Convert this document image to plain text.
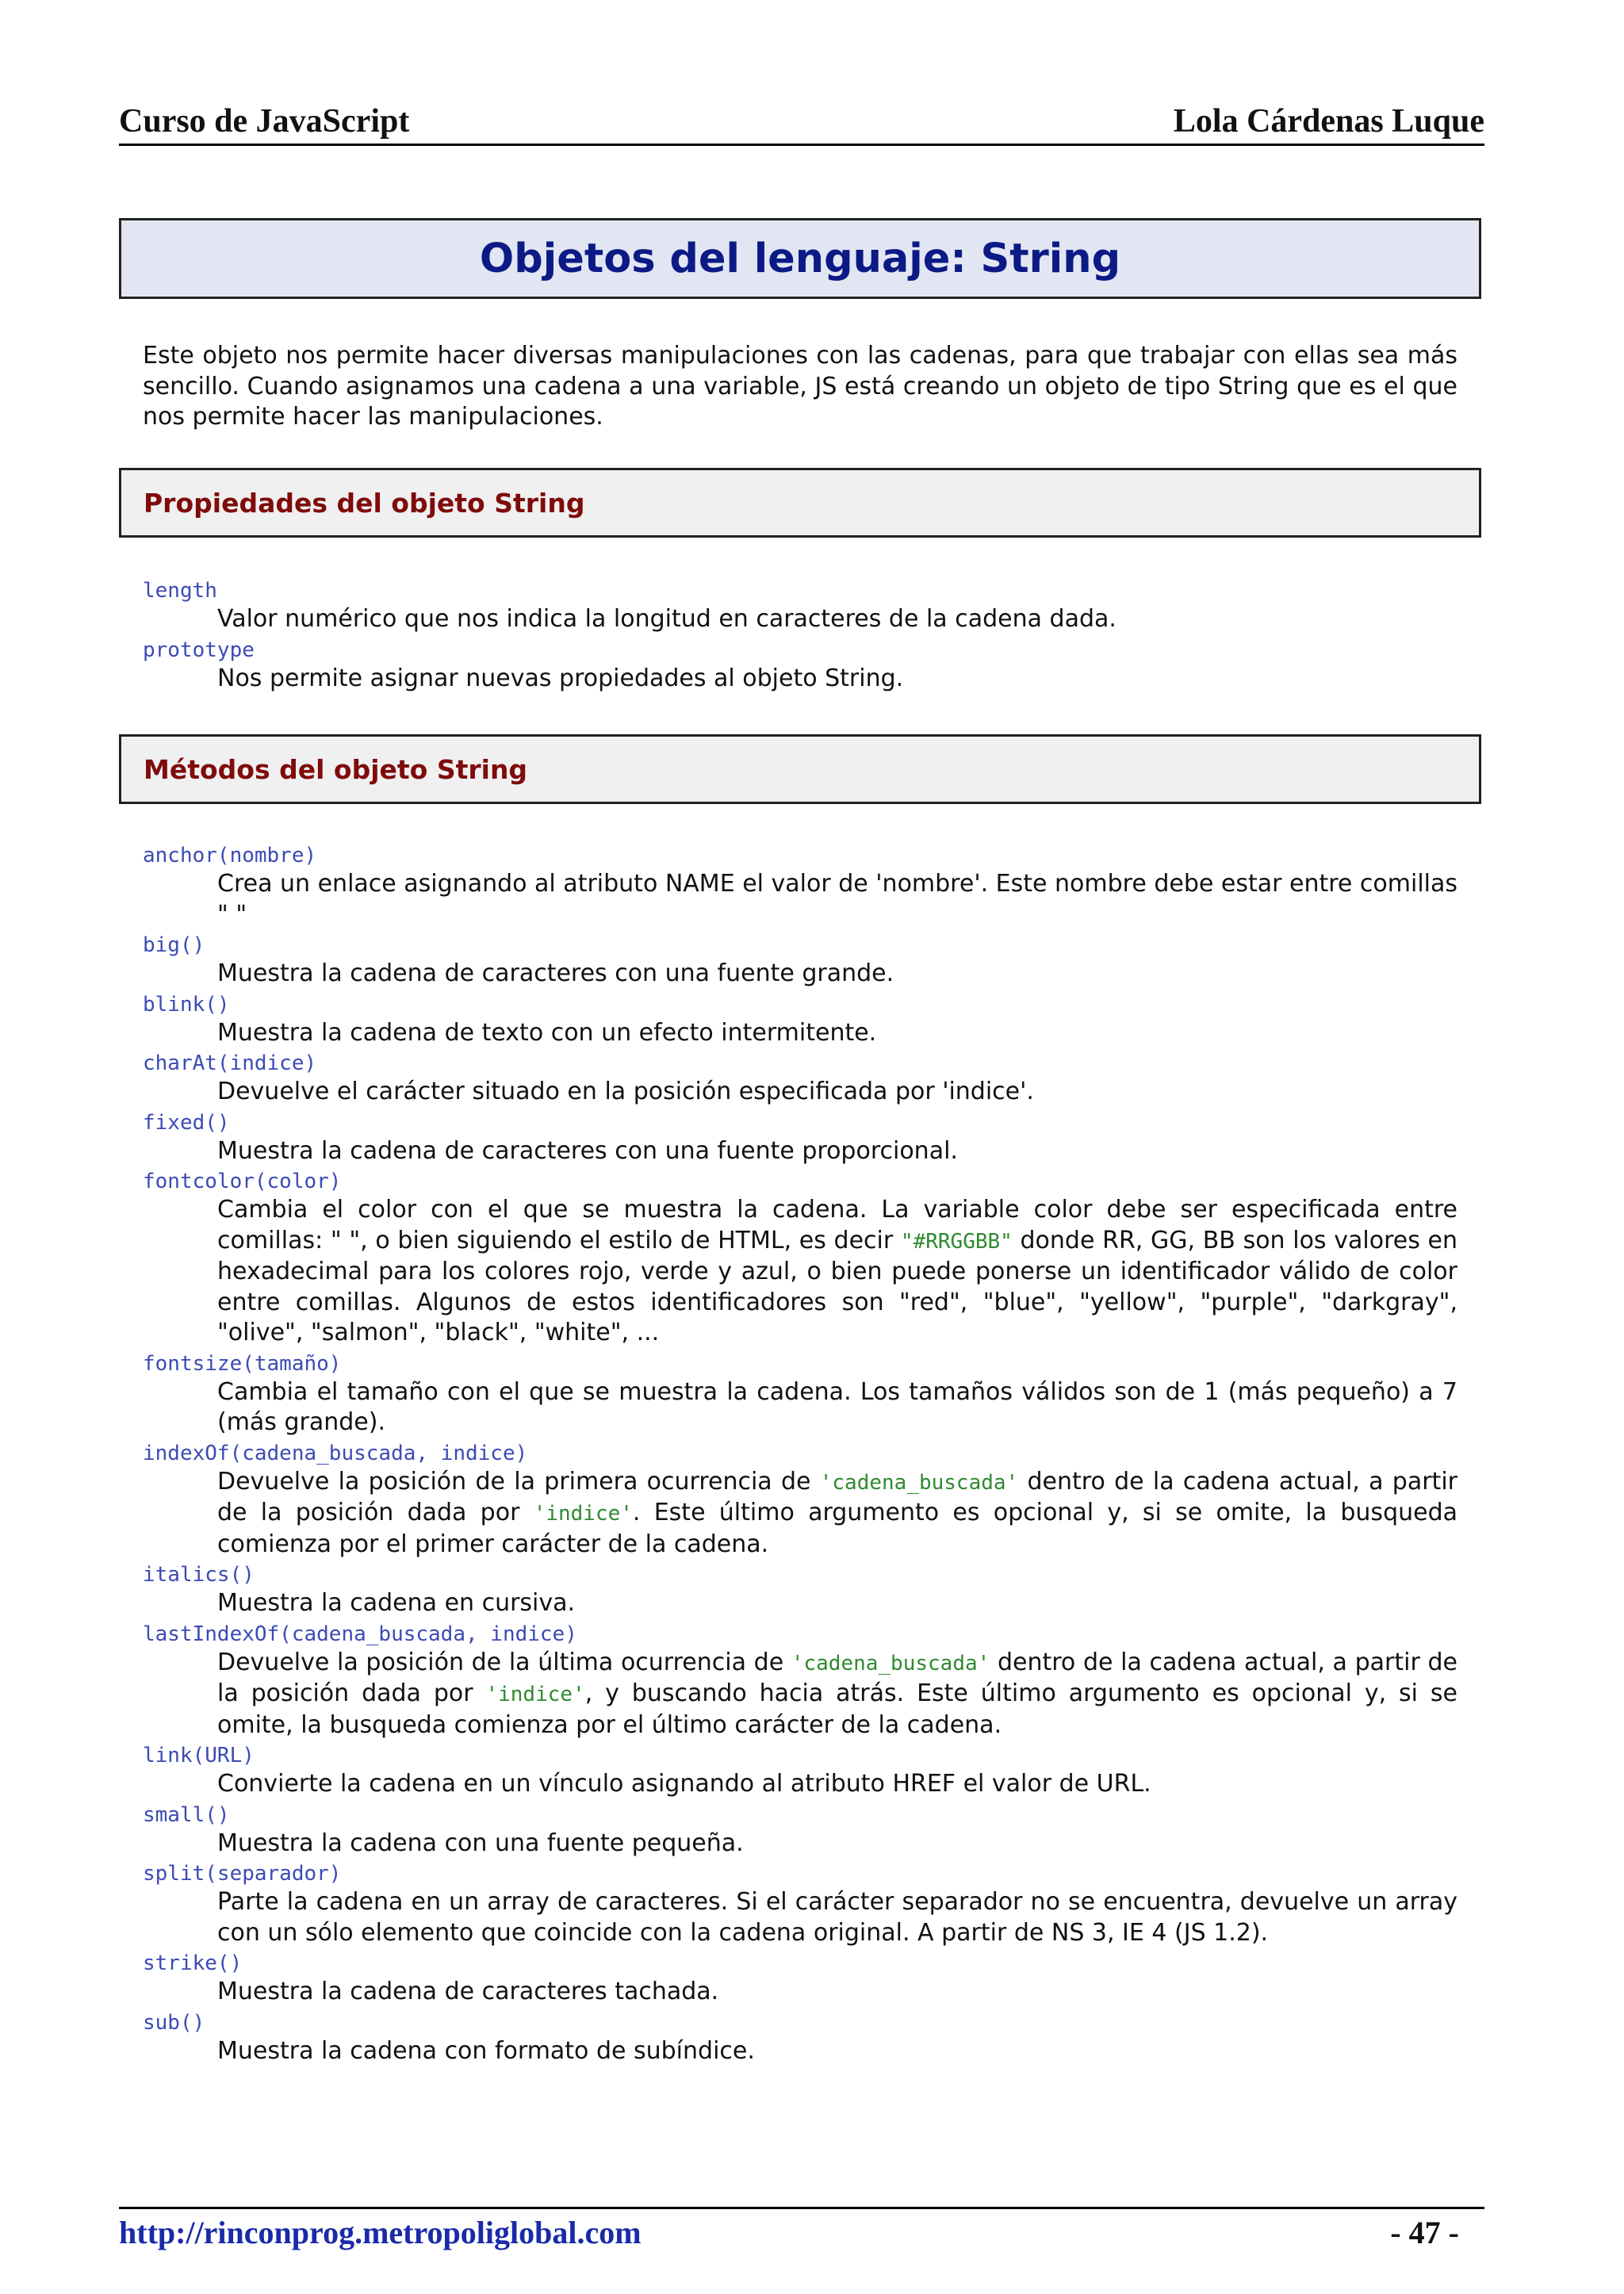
Curso de JavaScript	Lola Cárdenas Luque
Objetos del lenguaje: String
Este objeto nos permite hacer diversas manipulaciones con las cadenas, para que trabajar con ellas sea más sencillo. Cuando asignamos una cadena a una variable, JS está creando un objeto de tipo String que es el que nos permite hacer las manipulaciones.
Propiedades del objeto String
length
Valor numérico que nos indica la longitud en caracteres de la cadena dada.
prototype
Nos permite asignar nuevas propiedades al objeto String.
Métodos del objeto String
anchor(nombre)
Crea un enlace asignando al atributo NAME el valor de 'nombre'. Este nombre debe estar entre comillas " "
big()
Muestra la cadena de caracteres con una fuente grande.
blink()
Muestra la cadena de texto con un efecto intermitente.
charAt(indice)
Devuelve el carácter situado en la posición especificada por 'indice'.
fixed()
Muestra la cadena de caracteres con una fuente proporcional.
fontcolor(color)
Cambia el color con el que se muestra la cadena. La variable color debe ser especificada entre comillas: " ", o bien siguiendo el estilo de HTML, es decir "#RRGGBB" donde RR, GG, BB son los valores en hexadecimal para los colores rojo, verde y azul, o bien puede ponerse un identificador válido de color entre comillas. Algunos de estos identificadores son "red", "blue", "yellow", "purple", "darkgray", "olive", "salmon", "black", "white", ...
fontsize(tamaño)
Cambia el tamaño con el que se muestra la cadena. Los tamaños válidos son de 1 (más pequeño) a 7 (más grande).
indexOf(cadena_buscada, indice)
Devuelve la posición de la primera ocurrencia de 'cadena_buscada' dentro de la cadena actual, a partir de la posición dada por 'indice'. Este último argumento es opcional y, si se omite, la busqueda comienza por el primer carácter de la cadena.
italics()
Muestra la cadena en cursiva.
lastIndexOf(cadena_buscada, indice)
Devuelve la posición de la última ocurrencia de 'cadena_buscada' dentro de la cadena actual, a partir de la posición dada por 'indice', y buscando hacia atrás. Este último argumento es opcional y, si se omite, la busqueda comienza por el último carácter de la cadena.
link(URL)
Convierte la cadena en un vínculo asignando al atributo HREF el valor de URL.
small()
Muestra la cadena con una fuente pequeña.
split(separador)
Parte la cadena en un array de caracteres. Si el carácter separador no se encuentra, devuelve un array con un sólo elemento que coincide con la cadena original. A partir de NS 3, IE 4 (JS 1.2).
strike()
Muestra la cadena de caracteres tachada.
sub()
Muestra la cadena con formato de subíndice.
http://rinconprog.metropoliglobal.com	- 47 -
